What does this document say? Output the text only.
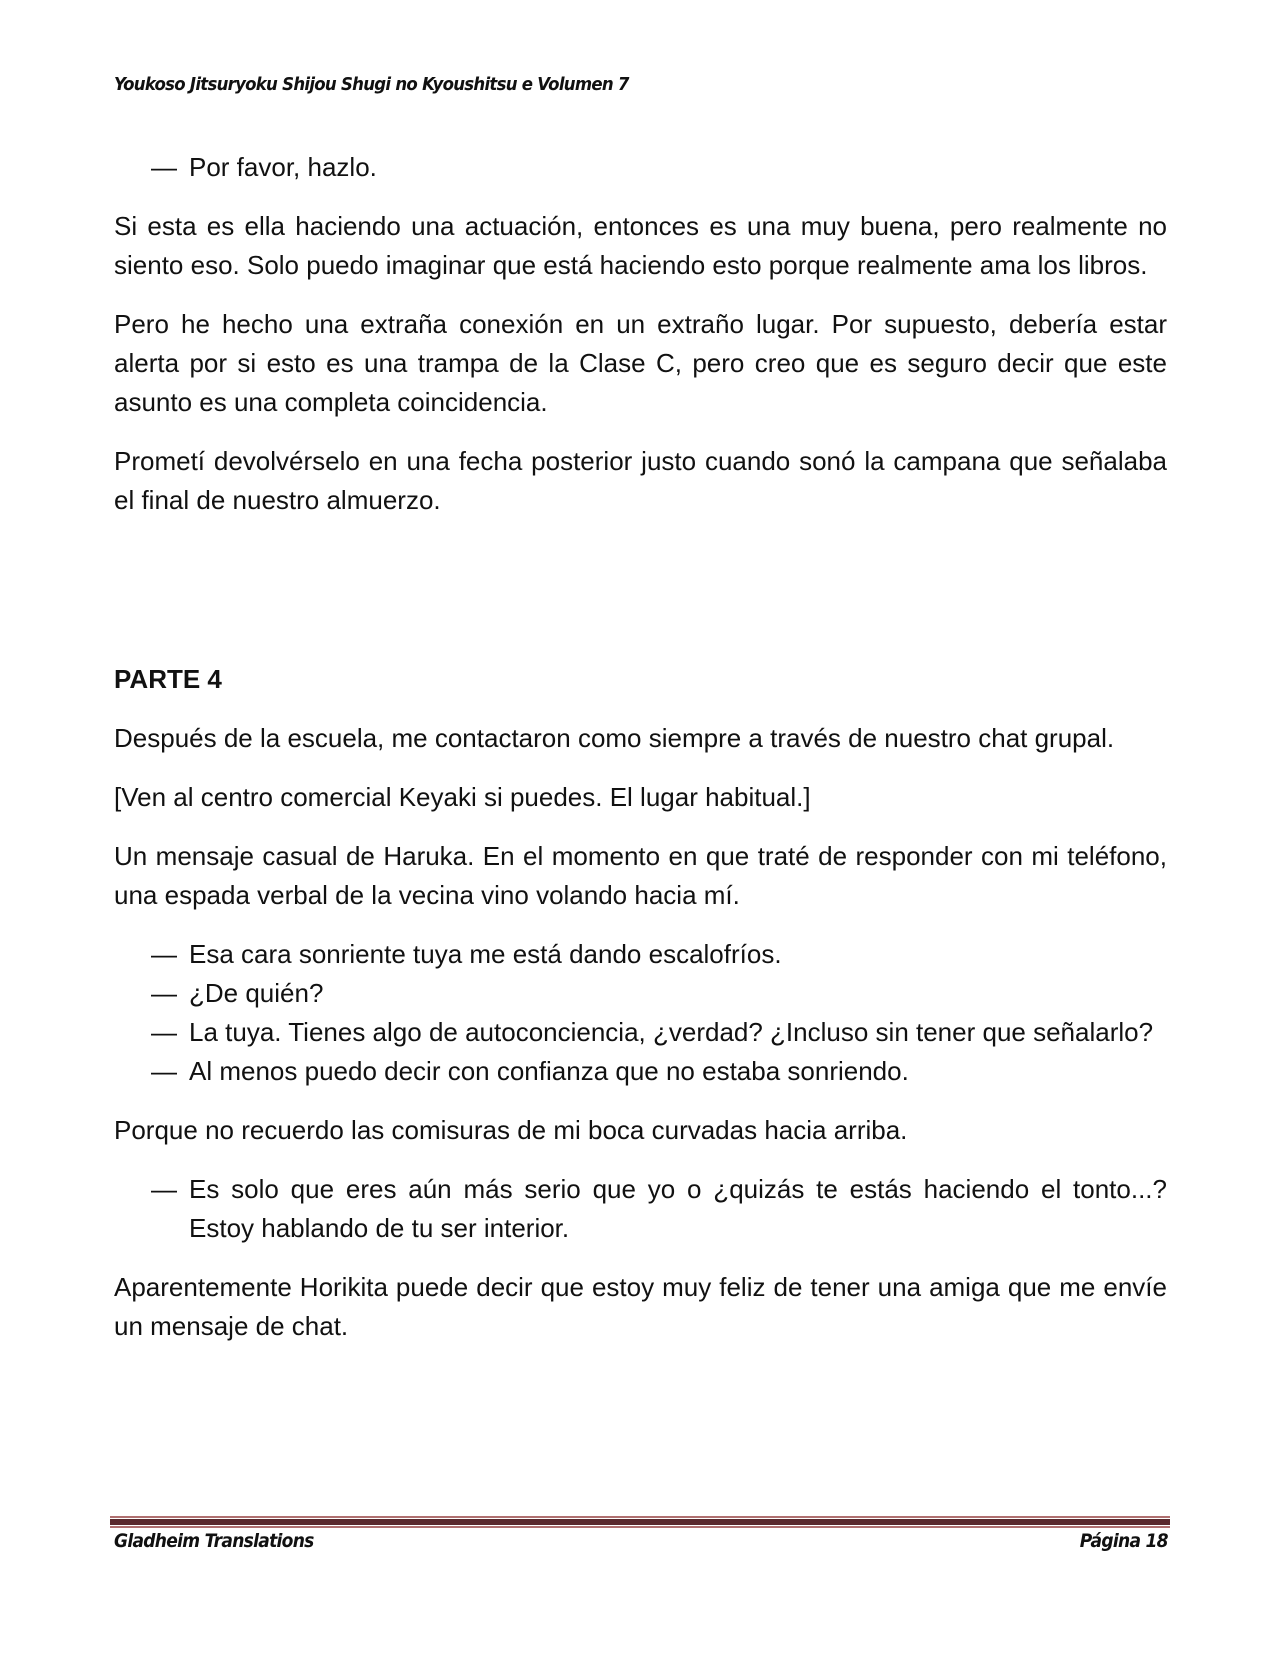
Youkoso Jitsuryoku Shijou Shugi no Kyoushitsu e Volumen 7
— Por favor, hazlo.

Si esta es ella haciendo una actuación, entonces es una muy buena, pero realmente no siento eso. Solo puedo imaginar que está haciendo esto porque realmente ama los libros.

Pero he hecho una extraña conexión en un extraño lugar. Por supuesto, debería estar alerta por si esto es una trampa de la Clase C, pero creo que es seguro decir que este asunto es una completa coincidencia.

Prometí devolvérselo en una fecha posterior justo cuando sonó la campana que señalaba el final de nuestro almuerzo.

PARTE 4

Después de la escuela, me contactaron como siempre a través de nuestro chat grupal.

[Ven al centro comercial Keyaki si puedes. El lugar habitual.]

Un mensaje casual de Haruka. En el momento en que traté de responder con mi teléfono, una espada verbal de la vecina vino volando hacia mí.

— Esa cara sonriente tuya me está dando escalofríos.
— ¿De quién?
— La tuya. Tienes algo de autoconciencia, ¿verdad? ¿Incluso sin tener que señalarlo?
— Al menos puedo decir con confianza que no estaba sonriendo.

Porque no recuerdo las comisuras de mi boca curvadas hacia arriba.

— Es solo que eres aún más serio que yo o ¿quizás te estás haciendo el tonto...? Estoy hablando de tu ser interior.

Aparentemente Horikita puede decir que estoy muy feliz de tener una amiga que me envíe un mensaje de chat.

Gladheim Translations	Página 18
